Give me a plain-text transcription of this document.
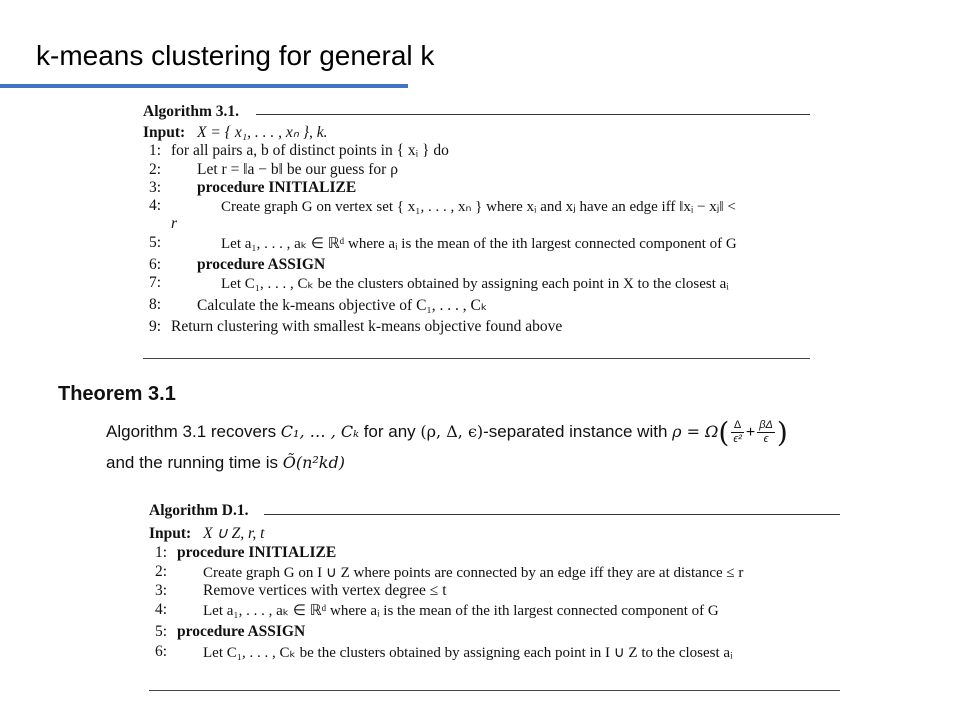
k-means clustering for general k
Algorithm 3.1.
Input: X = { x₁, . . . , xₙ }, k.
1: for all pairs a, b of distinct points in { xᵢ } do
2: Let r = ‖a − b‖ be our guess for ρ
3: procedure INITIALIZE
4:	Create graph G on vertex set { x₁, . . . , xₙ } where xᵢ and xⱼ have an edge iff ‖xᵢ − xⱼ‖ <
r
5:	Let a₁, . . . , aₖ ∈ ℝᵈ where aᵢ is the mean of the ith largest connected component of G
6: procedure ASSIGN
7:	Let C₁, . . . , Cₖ be the clusters obtained by assigning each point in X to the closest aᵢ
8: Calculate the k-means objective of C₁, . . . , Cₖ
9: Return clustering with smallest k-means objective found above
Theorem 3.1
Algorithm 3.1 recovers C₁, … , Cₖ for any (ρ, Δ, ϵ)-separated instance with $\rho = \Omega( \frac{\Delta}{\text{ϵ²}} + \frac{\beta\Delta}{\epsilon}$ )
and the running time is Õ(n²kd)
Algorithm D.1.
Input: X ∪ Z, r, t
1: procedure INITIALIZE
2: Create graph G on I ∪ Z where points are connected by an edge iff they are at distance ≤ r
3: Remove vertices with vertex degree ≤ t
4: Let a₁, . . . , aₖ ∈ ℝᵈ where aᵢ is the mean of the ith largest connected component of G
5: procedure ASSIGN
6: Let C₁, . . . , Cₖ be the clusters obtained by assigning each point in I ∪ Z to the closest aᵢ
